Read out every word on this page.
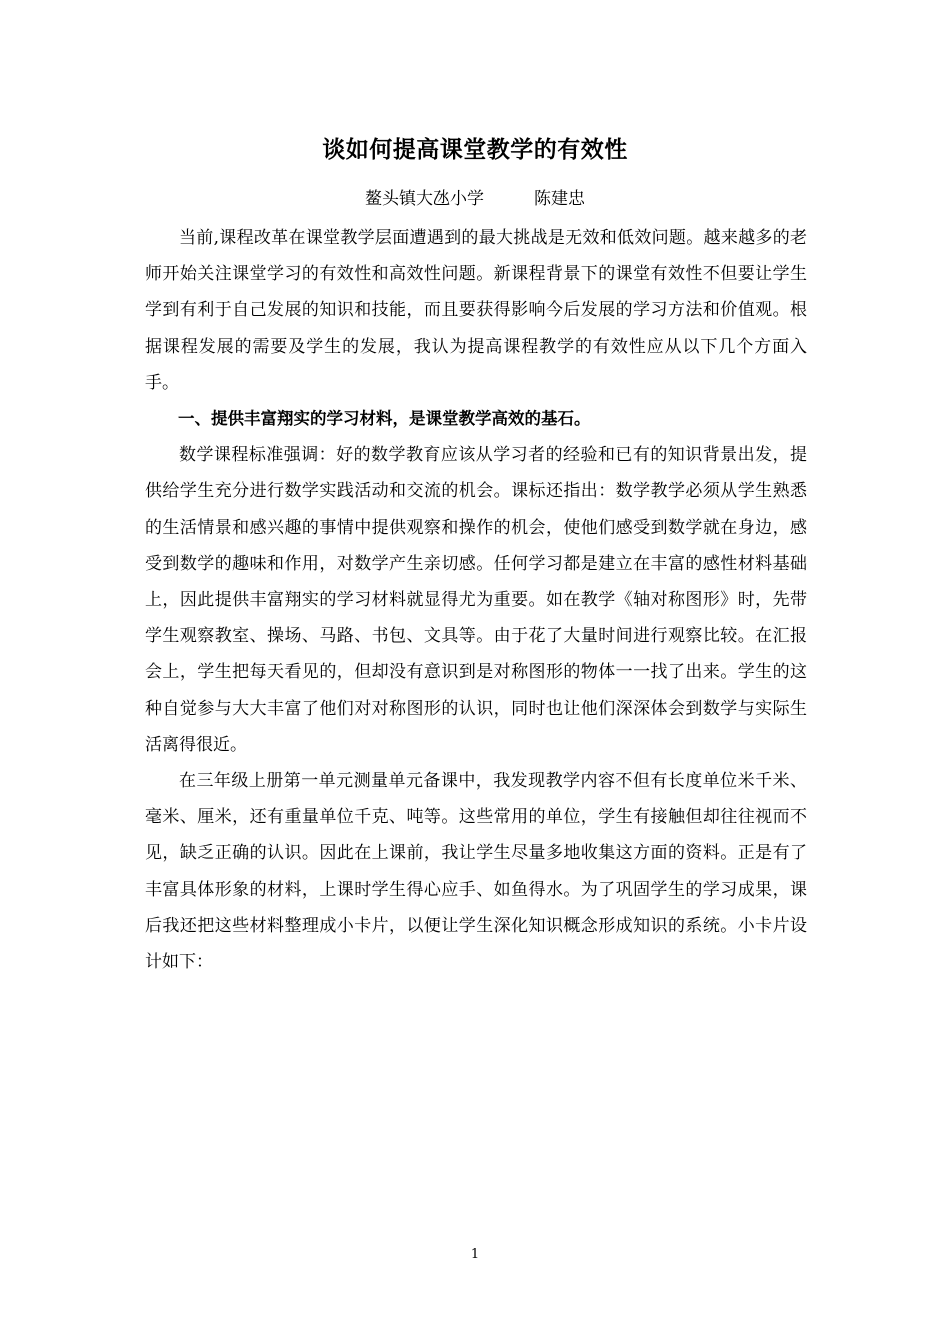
谈如何提高课堂教学的有效性
鳌头镇大氹小学	陈建忠

当前,课程改革在课堂教学层面遭遇到的最大挑战是无效和低效问题。越来越多的老师开始关注课堂学习的有效性和高效性问题。新课程背景下的课堂有效性不但要让学生学到有利于自己发展的知识和技能，而且要获得影响今后发展的学习方法和价值观。根据课程发展的需要及学生的发展，我认为提高课程教学的有效性应从以下几个方面入手。

一、提供丰富翔实的学习材料，是课堂教学高效的基石。

数学课程标准强调：好的数学教育应该从学习者的经验和已有的知识背景出发，提供给学生充分进行数学实践活动和交流的机会。课标还指出：数学教学必须从学生熟悉的生活情景和感兴趣的事情中提供观察和操作的机会，使他们感受到数学就在身边，感受到数学的趣味和作用，对数学产生亲切感。任何学习都是建立在丰富的感性材料基础上，因此提供丰富翔实的学习材料就显得尤为重要。如在教学《轴对称图形》时，先带学生观察教室、操场、马路、书包、文具等。由于花了大量时间进行观察比较。在汇报会上，学生把每天看见的，但却没有意识到是对称图形的物体一一找了出来。学生的这种自觉参与大大丰富了他们对对称图形的认识，同时也让他们深深体会到数学与实际生活离得很近。

在三年级上册第一单元测量单元备课中，我发现教学内容不但有长度单位米千米、毫米、厘米，还有重量单位千克、吨等。这些常用的单位，学生有接触但却往往视而不见，缺乏正确的认识。因此在上课前，我让学生尽量多地收集这方面的资料。正是有了丰富具体形象的材料，上课时学生得心应手、如鱼得水。为了巩固学生的学习成果，课后我还把这些材料整理成小卡片，以便让学生深化知识概念形成知识的系统。小卡片设计如下：

1
